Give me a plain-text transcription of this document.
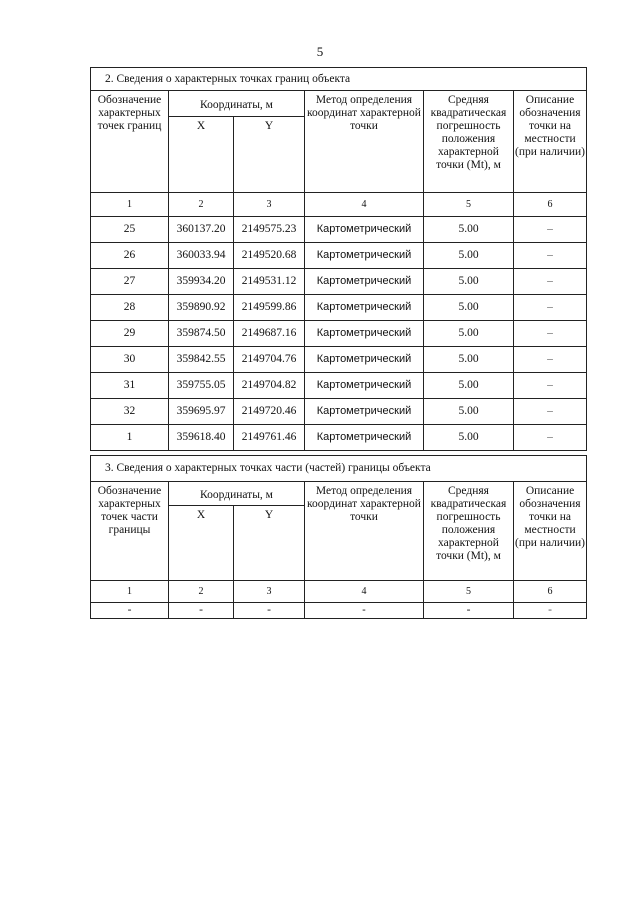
5
2. Сведения о характерных точках границ объекта					
Обозначение характерных точек границ	Координаты, м		Метод определения координат характерной точки	Средняя квадратическая погрешность положения характерной точки (Mt), м	Описание обозначения точки на местности (при наличии)
	X	Y			
1	2	3	4	5	6
25	360137.20	2149575.23	Картометрический	5.00	–
26	360033.94	2149520.68	Картометрический	5.00	–
27	359934.20	2149531.12	Картометрический	5.00	–
28	359890.92	2149599.86	Картометрический	5.00	–
29	359874.50	2149687.16	Картометрический	5.00	–
30	359842.55	2149704.76	Картометрический	5.00	–
31	359755.05	2149704.82	Картометрический	5.00	–
32	359695.97	2149720.46	Картометрический	5.00	–
1	359618.40	2149761.46	Картометрический	5.00	–
3. Сведения о характерных точках части (частей) границы объекта					
Обозначение характерных точек части границы	Координаты, м		Метод определения координат характерной точки	Средняя квадратическая погрешность положения характерной точки (Mt), м	Описание обозначения точки на местности (при наличии)
	X	Y			
1	2	3	4	5	6
-	-	-	-	-	-
